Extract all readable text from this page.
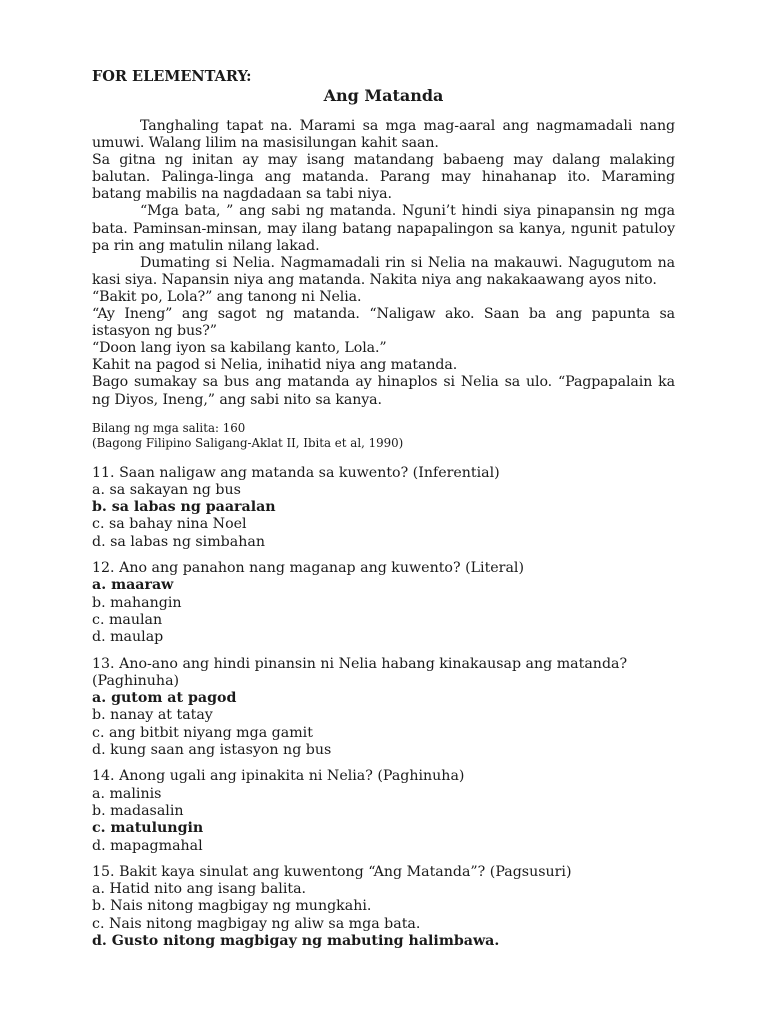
FOR ELEMENTARY:
Ang Matanda

Tanghaling tapat na. Marami sa mga mag-aaral ang nagmamadali nang umuwi. Walang lilim na masisilungan kahit saan.

Sa gitna ng initan ay may isang matandang babaeng may dalang malaking balutan. Palinga-linga ang matanda. Parang may hinahanap ito. Maraming batang mabilis na nagdadaan sa tabi niya.

“Mga bata, ” ang sabi ng matanda. Nguni’t hindi siya pinapansin ng mga bata. Paminsan-minsan, may ilang batang napapalingon sa kanya, ngunit patuloy pa rin ang matulin nilang lakad.

Dumating si Nelia. Nagmamadali rin si Nelia na makauwi. Nagugutom na kasi siya. Napansin niya ang matanda. Nakita niya ang nakakaawang ayos nito.

“Bakit po, Lola?” ang tanong ni Nelia.

“Ay Ineng” ang sagot ng matanda. “Naligaw ako. Saan ba ang papunta sa istasyon ng bus?”

“Doon lang iyon sa kabilang kanto, Lola.”

Kahit na pagod si Nelia, inihatid niya ang matanda.

Bago sumakay sa bus ang matanda ay hinaplos si Nelia sa ulo. “Pagpapalain ka ng Diyos, Ineng,” ang sabi nito sa kanya.

Bilang ng mga salita: 160
(Bagong Filipino Saligang-Aklat II, Ibita et al, 1990)
11. Saan naligaw ang matanda sa kuwento? (Inferential)
a. sa sakayan ng bus
b. sa labas ng paaralan
c. sa bahay nina Noel
d. sa labas ng simbahan
12. Ano ang panahon nang maganap ang kuwento? (Literal)
a. maaraw
b. mahangin
c. maulan
d. maulap
13. Ano-ano ang hindi pinansin ni Nelia habang kinakausap ang matanda? (Paghinuha)
a. gutom at pagod
b. nanay at tatay
c. ang bitbit niyang mga gamit
d. kung saan ang istasyon ng bus
14. Anong ugali ang ipinakita ni Nelia? (Paghinuha)
a. malinis
b. madasalin
c. matulungin
d. mapagmahal
15. Bakit kaya sinulat ang kuwentong “Ang Matanda”? (Pagsusuri)
a. Hatid nito ang isang balita.
b. Nais nitong magbigay ng mungkahi.
c. Nais nitong magbigay ng aliw sa mga bata.
d. Gusto nitong magbigay ng mabuting halimbawa.
